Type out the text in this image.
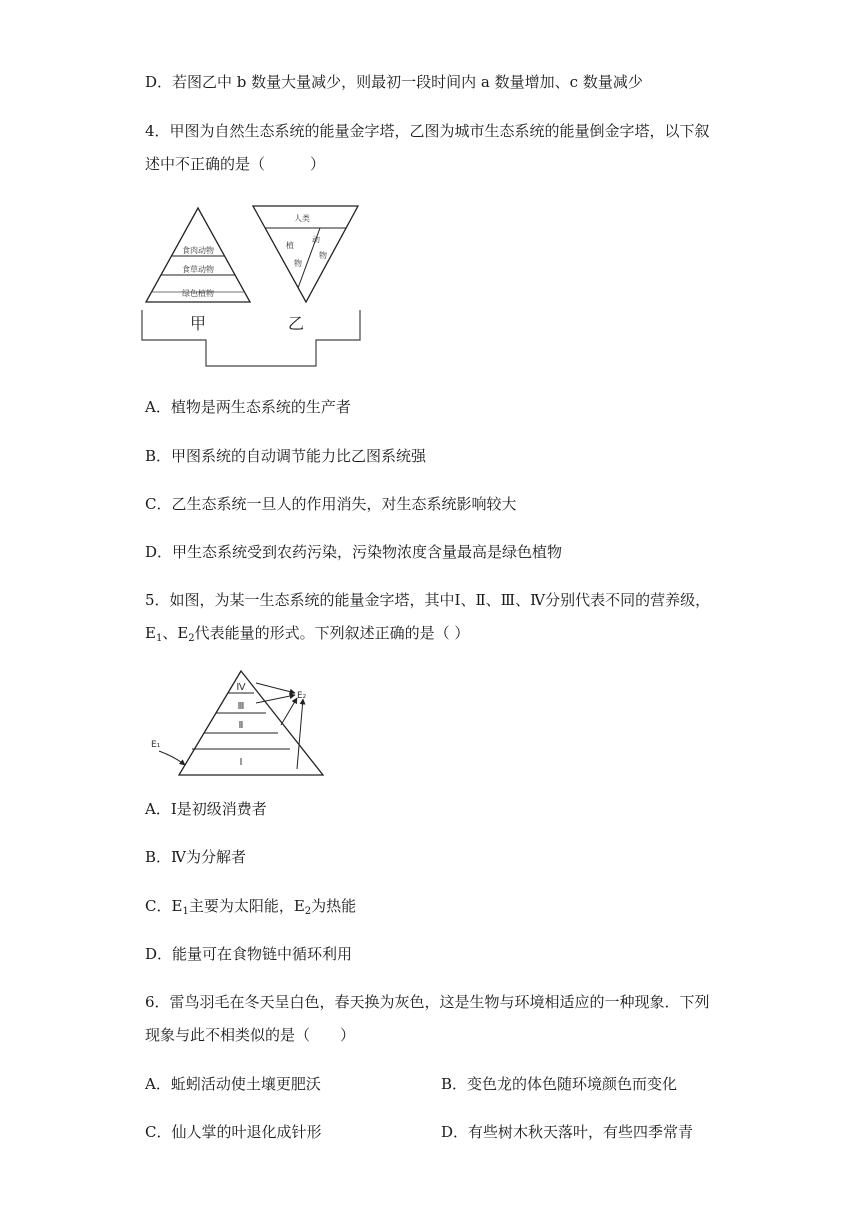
D．若图乙中 b 数量大量减少，则最初一段时间内 a 数量增加、c 数量减少
4．甲图为自然生态系统的能量金字塔，乙图为城市生态系统的能量倒金字塔，以下叙
述中不正确的是（　　　）
食肉动物
食草动物
绿色植物
甲
人类
植
物
动
物
乙
A．植物是两生态系统的生产者
B．甲图系统的自动调节能力比乙图系统强
C．乙生态系统一旦人的作用消失，对生态系统影响较大
D．甲生态系统受到农药污染，污染物浓度含量最高是绿色植物
5．如图，为某一生态系统的能量金字塔，其中Ⅰ、Ⅱ、Ⅲ、Ⅳ分别代表不同的营养级，
$E_1$、$E_2$代表能量的形式。下列叙述正确的是（ ）
Ⅳ
Ⅲ
Ⅱ
Ⅰ
E₁
E₂
A．Ⅰ是初级消费者
B．Ⅳ为分解者
C．$E_1$主要为太阳能，$E_2$为热能
D．能量可在食物链中循环利用
6．雷鸟羽毛在冬天呈白色，春天换为灰色，这是生物与环境相适应的一种现象．下列
现象与此不相类似的是（　　）
A．蚯蚓活动使土壤更肥沃	B．变色龙的体色随环境颜色而变化
C．仙人掌的叶退化成针形	D．有些树木秋天落叶，有些四季常青
